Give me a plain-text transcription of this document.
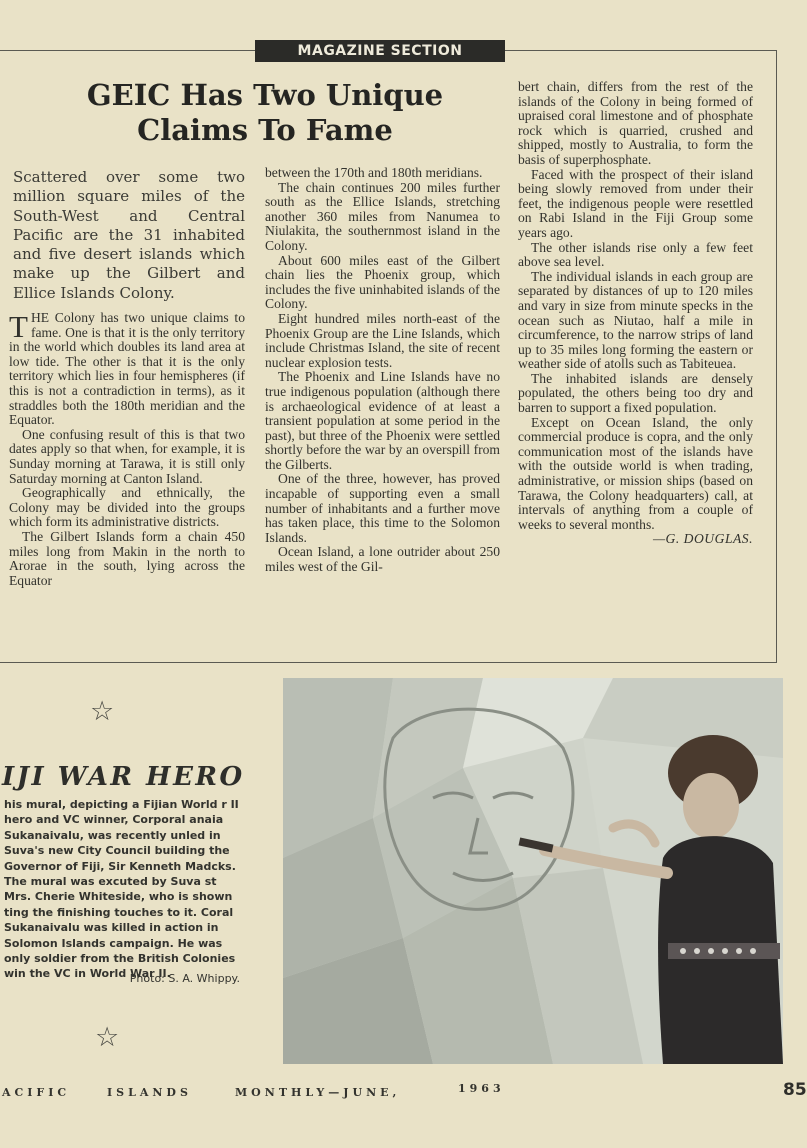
MAGAZINE SECTION
GEIC Has Two Unique
Claims To Fame

Scattered over some two million square miles of the South-West and Central Pacific are the 31 inhabited and five desert islands which make up the Gilbert and Ellice Islands Colony.

THE Colony has two unique claims to fame. One is that it is the only territory in the world which doubles its land area at low tide. The other is that it is the only territory which lies in four hemispheres (if this is not a contradiction in terms), as it straddles both the 180th meridian and the Equator.

One confusing result of this is that two dates apply so that when, for example, it is Sunday morning at Tarawa, it is still only Saturday morning at Canton Island.

Geographically and ethnically, the Colony may be divided into the groups which form its administrative districts.

The Gilbert Islands form a chain 450 miles long from Makin in the north to Arorae in the south, lying across the Equator

between the 170th and 180th meridians.

The chain continues 200 miles further south as the Ellice Islands, stretching another 360 miles from Nanumea to Niulakita, the southernmost island in the Colony.

About 600 miles east of the Gilbert chain lies the Phoenix group, which includes the five uninhabited islands of the Colony.

Eight hundred miles north-east of the Phoenix Group are the Line Islands, which include Christmas Island, the site of recent nuclear explosion tests.

The Phoenix and Line Islands have no true indigenous population (although there is archaeological evidence of at least a transient population at some period in the past), but three of the Phoenix were settled shortly before the war by an overspill from the Gilberts.

One of the three, however, has proved incapable of supporting even a small number of inhabitants and a further move has taken place, this time to the Solomon Islands.

Ocean Island, a lone outrider about 250 miles west of the Gil-

bert chain, differs from the rest of the islands of the Colony in being formed of upraised coral limestone and of phosphate rock which is quarried, crushed and shipped, mostly to Australia, to form the basis of superphosphate.

Faced with the prospect of their island being slowly removed from under their feet, the indigenous people were resettled on Rabi Island in the Fiji Group some years ago.

The other islands rise only a few feet above sea level.

The individual islands in each group are separated by distances of up to 120 miles and vary in size from minute specks in the ocean such as Niutao, half a mile in circumference, to the narrow strips of land up to 35 miles long forming the eastern or weather side of atolls such as Tabiteuea.

The inhabited islands are densely populated, the others being too dry and barren to support a fixed population.

Except on Ocean Island, the only commercial produce is copra, and the only communication most of the islands have with the outside world is when trading, administrative, or mission ships (based on Tarawa, the Colony headquarters) call, at intervals of anything from a couple of weeks to several months.

—G. DOUGLAS.

☆
IJI WAR HERO

his mural, depicting a Fijian World r II hero and VC winner, Corporal anaia Sukanaivalu, was recently unled in Suva's new City Council building the Governor of Fiji, Sir Kenneth Madcks. The mural was excuted by Suva st Mrs. Cherie Whiteside, who is shown ting the finishing touches to it. Coral Sukanaivalu was killed in action in Solomon Islands campaign. He was only soldier from the British Colonies win the VC in World War II.

Photo: S. A. Whippy.

☆

ACIFIC	ISLANDS	MONTHLY—JUNE,	1963	85
